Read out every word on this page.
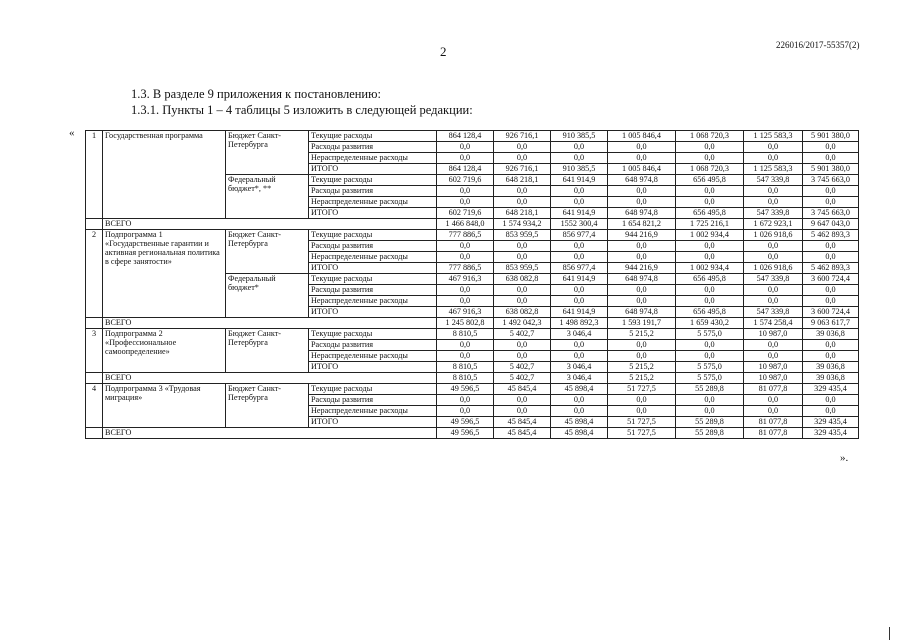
2	226016/2017-55357(2)
1.3. В разделе 9 приложения к постановлению:
1.3.1. Пункты 1 – 4 таблицы 5 изложить в следующей редакции:
«
».
1	Государственная программа	Бюджет Санкт-Петербурга	Текущие расходы	864 128,4	926 716,1	910 385,5	1 005 846,4	1 068 720,3	1 125 583,3	5 901 380,0
			Расходы развития	0,0	0,0	0,0	0,0	0,0	0,0	0,0
			Нераспределенные расходы	0,0	0,0	0,0	0,0	0,0	0,0	0,0
			ИТОГО	864 128,4	926 716,1	910 385,5	1 005 846,4	1 068 720,3	1 125 583,3	5 901 380,0
		Федеральный бюджет*, **	Текущие расходы	602 719,6	648 218,1	641 914,9	648 974,8	656 495,8	547 339,8	3 745 663,0
			Расходы развития	0,0	0,0	0,0	0,0	0,0	0,0	0,0
			Нераспределенные расходы	0,0	0,0	0,0	0,0	0,0	0,0	0,0
			ИТОГО	602 719,6	648 218,1	641 914,9	648 974,8	656 495,8	547 339,8	3 745 663,0
	ВСЕГО			1 466 848,0	1 574 934,2	1552 300,4	1 654 821,2	1 725 216,1	1 672 923,1	9 647 043,0
2	Подпрограмма 1 «Государственные гарантии и активная региональная политика в сфере занятости»	Бюджет Санкт-Петербурга	Текущие расходы	777 886,5	853 959,5	856 977,4	944 216,9	1 002 934,4	1 026 918,6	5 462 893,3
			Расходы развития	0,0	0,0	0,0	0,0	0,0	0,0	0,0
			Нераспределенные расходы	0,0	0,0	0,0	0,0	0,0	0,0	0,0
			ИТОГО	777 886,5	853 959,5	856 977,4	944 216,9	1 002 934,4	1 026 918,6	5 462 893,3
		Федеральный бюджет*	Текущие расходы	467 916,3	638 082,8	641 914,9	648 974,8	656 495,8	547 339,8	3 600 724,4
			Расходы развития	0,0	0,0	0,0	0,0	0,0	0,0	0,0
			Нераспределенные расходы	0,0	0,0	0,0	0,0	0,0	0,0	0,0
			ИТОГО	467 916,3	638 082,8	641 914,9	648 974,8	656 495,8	547 339,8	3 600 724,4
	ВСЕГО			1 245 802,8	1 492 042,3	1 498 892,3	1 593 191,7	1 659 430,2	1 574 258,4	9 063 617,7
3	Подпрограмма 2 «Профессиональное самоопределение»	Бюджет Санкт-Петербурга	Текущие расходы	8 810,5	5 402,7	3 046,4	5 215,2	5 575,0	10 987,0	39 036,8
			Расходы развития	0,0	0,0	0,0	0,0	0,0	0,0	0,0
			Нераспределенные расходы	0,0	0,0	0,0	0,0	0,0	0,0	0,0
			ИТОГО	8 810,5	5 402,7	3 046,4	5 215,2	5 575,0	10 987,0	39 036,8
	ВСЕГО			8 810,5	5 402,7	3 046,4	5 215,2	5 575,0	10 987,0	39 036,8
4	Подпрограмма 3 «Трудовая миграция»	Бюджет Санкт-Петербурга	Текущие расходы	49 596,5	45 845,4	45 898,4	51 727,5	55 289,8	81 077,8	329 435,4
			Расходы развития	0,0	0,0	0,0	0,0	0,0	0,0	0,0
			Нераспределенные расходы	0,0	0,0	0,0	0,0	0,0	0,0	0,0
			ИТОГО	49 596,5	45 845,4	45 898,4	51 727,5	55 289,8	81 077,8	329 435,4
	ВСЕГО			49 596,5	45 845,4	45 898,4	51 727,5	55 289,8	81 077,8	329 435,4
